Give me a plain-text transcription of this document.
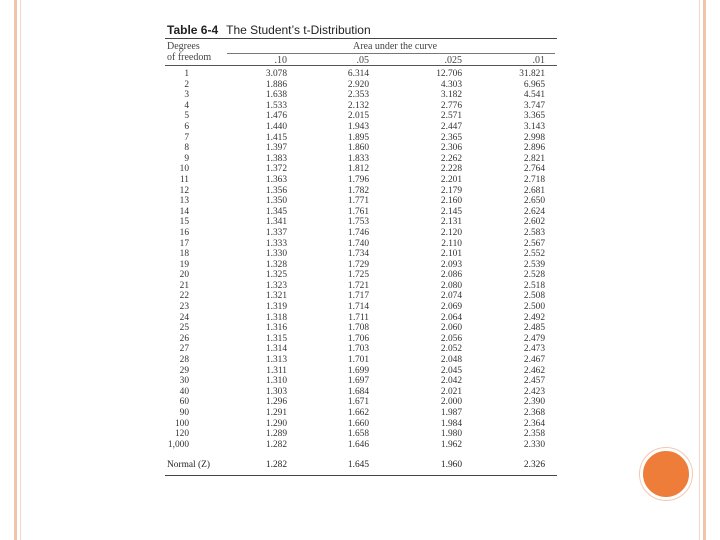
Table 6-4 The Student’s t-Distribution
Degrees
of freedom
Area under the curve
.10	.05	.025	.01
1	3.078	6.314	12.706	31.821
2	1.886	2.920	4.303	6.965
3	1.638	2.353	3.182	4.541
4	1.533	2.132	2.776	3.747
5	1.476	2.015	2.571	3.365
6	1.440	1.943	2.447	3.143
7	1.415	1.895	2.365	2.998
8	1.397	1.860	2.306	2.896
9	1.383	1.833	2.262	2.821
10	1.372	1.812	2.228	2.764
11	1.363	1.796	2.201	2.718
12	1.356	1.782	2.179	2.681
13	1.350	1.771	2.160	2.650
14	1.345	1.761	2.145	2.624
15	1.341	1.753	2.131	2.602
16	1.337	1.746	2.120	2.583
17	1.333	1.740	2.110	2.567
18	1.330	1.734	2.101	2.552
19	1.328	1.729	2.093	2.539
20	1.325	1.725	2.086	2.528
21	1.323	1.721	2.080	2.518
22	1.321	1.717	2.074	2.508
23	1.319	1.714	2.069	2.500
24	1.318	1.711	2.064	2.492
25	1.316	1.708	2.060	2.485
26	1.315	1.706	2.056	2.479
27	1.314	1.703	2.052	2.473
28	1.313	1.701	2.048	2.467
29	1.311	1.699	2.045	2.462
30	1.310	1.697	2.042	2.457
40	1.303	1.684	2.021	2.423
60	1.296	1.671	2.000	2.390
90	1.291	1.662	1.987	2.368
100	1.290	1.660	1.984	2.364
120	1.289	1.658	1.980	2.358
1,000	1.282	1.646	1.962	2.330
Normal (Z)	1.282	1.645	1.960	2.326
